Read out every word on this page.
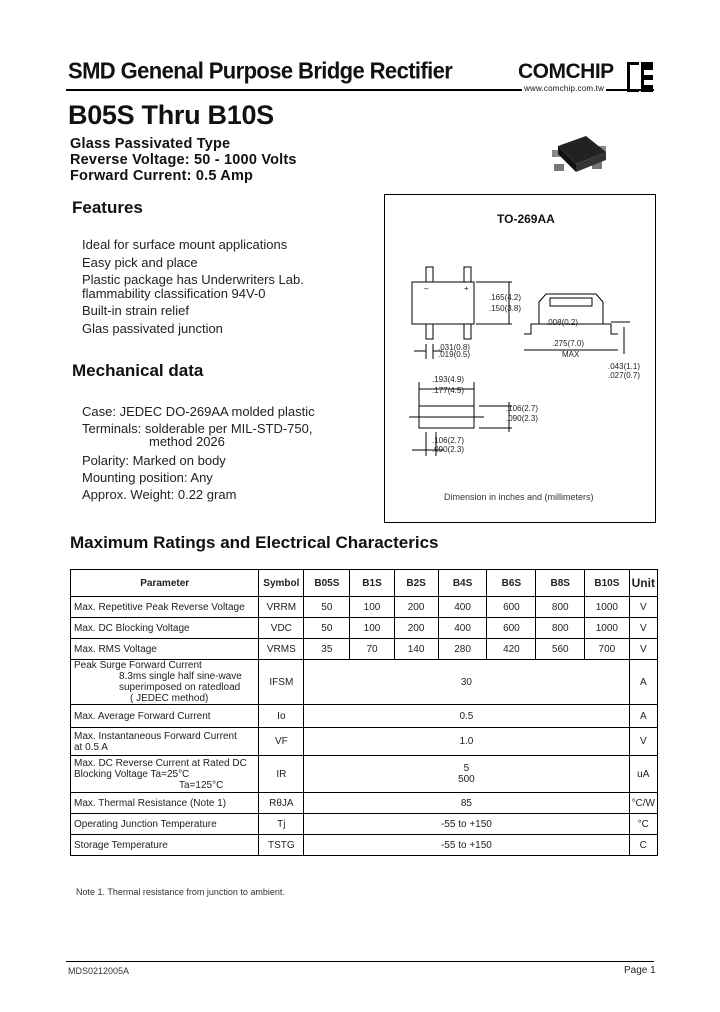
SMD Genenal Purpose Bridge Rectifier	COMCHIP
www.comchip.com.tw
B05S Thru B10S
Glass Passivated Type
Reverse Voltage: 50 - 1000 Volts
Forward Current: 0.5 Amp
Features
Ideal for surface mount applications
Easy pick and place
Plastic package has Underwriters Lab.
flammability classification 94V-0
Built-in strain relief
Glas passivated junction
Mechanical data
Case: JEDEC DO-269AA molded plastic
Terminals: solderable per MIL-STD-750,
method 2026
Polarity: Marked on body
Mounting position: Any
Approx. Weight: 0.22 gram
TO-269AA
.165(4.2)
.150(3.8)
.031(0.8)
.019(0.5)
.008(0.2)
.275(7.0)
MAX
.043(1.1)
.027(0.7)
.193(4.9)
.177(4.5)
.106(2.7)
.090(2.3)
.106(2.7)
.090(2.3)
–	+
Dimension in inches and (millimeters)
Maximum Ratings and Electrical Characterics
Parameter	Symbol	B05S	B1S	B2S	B4S	B6S	B8S	B10S	Unit

Max. Repetitive Peak Reverse Voltage	VRRM	50	100	200	400	600	800	1000	V

Max. DC Blocking Voltage	VDC	50	100	200	400	600	800	1000	V

Max. RMS Voltage	VRMS	35	70	140	280	420	560	700	V

Peak Surge Forward Current
8.3ms single half sine-wave
superimposed on ratedload
( JEDEC method)	IFSM	30							A

Max. Average Forward Current	Io	0.5							A

Max. Instantaneous Forward Current
at 0.5 A	VF	1.0							V

Max. DC Reverse Current at Rated DC
Blocking Voltage Ta=25°C
Ta=125°C	IR	5
500							uA

Max. Thermal Resistance (Note 1)	RθJA	85							°C/W

Operating Junction Temperature	Tj	-55 to +150							°C

Storage Temperature	TSTG	-55 to +150							C
Note 1. Thermal resistance from junction to ambient.
MDS0212005A	Page 1
